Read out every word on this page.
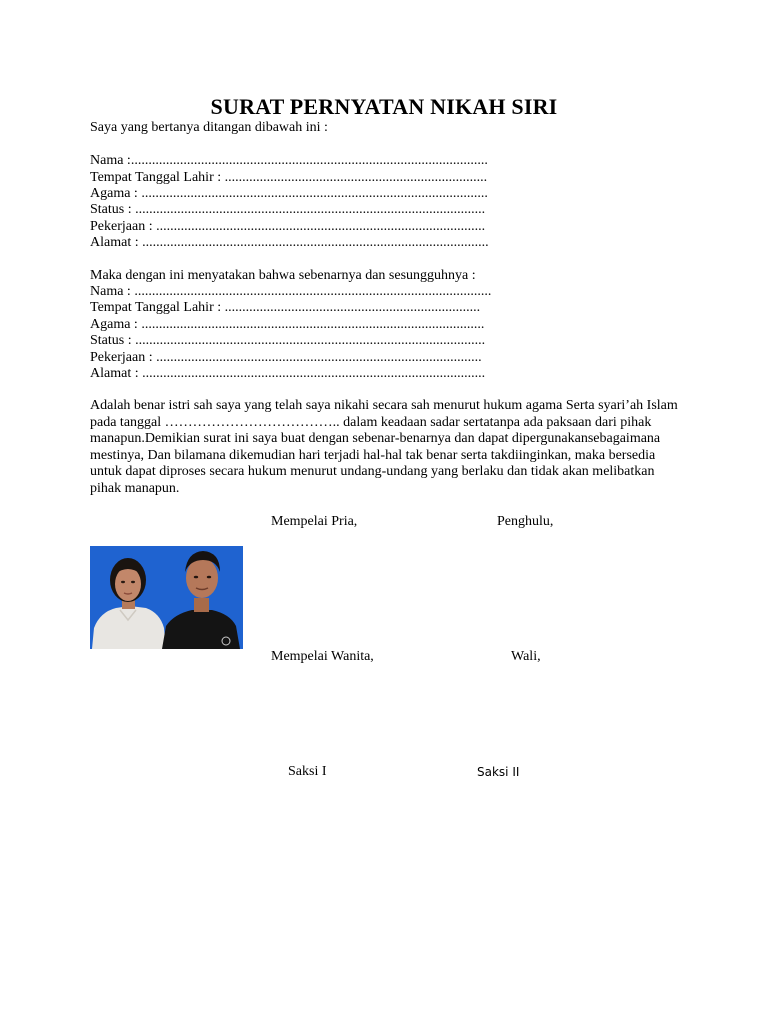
SURAT PERNYATAN NIKAH SIRI
Saya yang bertanya ditangan dibawah ini :
Nama :......................................................................................................
Tempat Tanggal Lahir : ...........................................................................
Agama : ...................................................................................................
Status : ....................................................................................................
Pekerjaan : ..............................................................................................
Alamat : ...................................................................................................
Maka dengan ini menyatakan bahwa sebenarnya dan sesungguhnya :
Nama : ......................................................................................................
Tempat Tanggal Lahir : .........................................................................
Agama : ..................................................................................................
Status : ....................................................................................................
Pekerjaan : .............................................................................................
Alamat : ..................................................................................................
Adalah benar istri sah saya yang telah saya nikahi secara sah menurut hukum agama Serta syari’ah Islam pada tanggal ……………………………….. dalam keadaan sadar sertatanpa ada paksaan dari pihak manapun.Demikian surat ini saya buat dengan sebenar-benarnya dan dapat dipergunakansebagaimana mestinya, Dan bilamana dikemudian hari terjadi hal-hal tak benar serta takdiinginkan, maka bersedia untuk dapat diproses secara hukum menurut undang-undang yang berlaku dan tidak akan melibatkan pihak manapun.
Mempelai Pria,	Penghulu,
Mempelai Wanita,	Wali,
Saksi I	Saksi II
